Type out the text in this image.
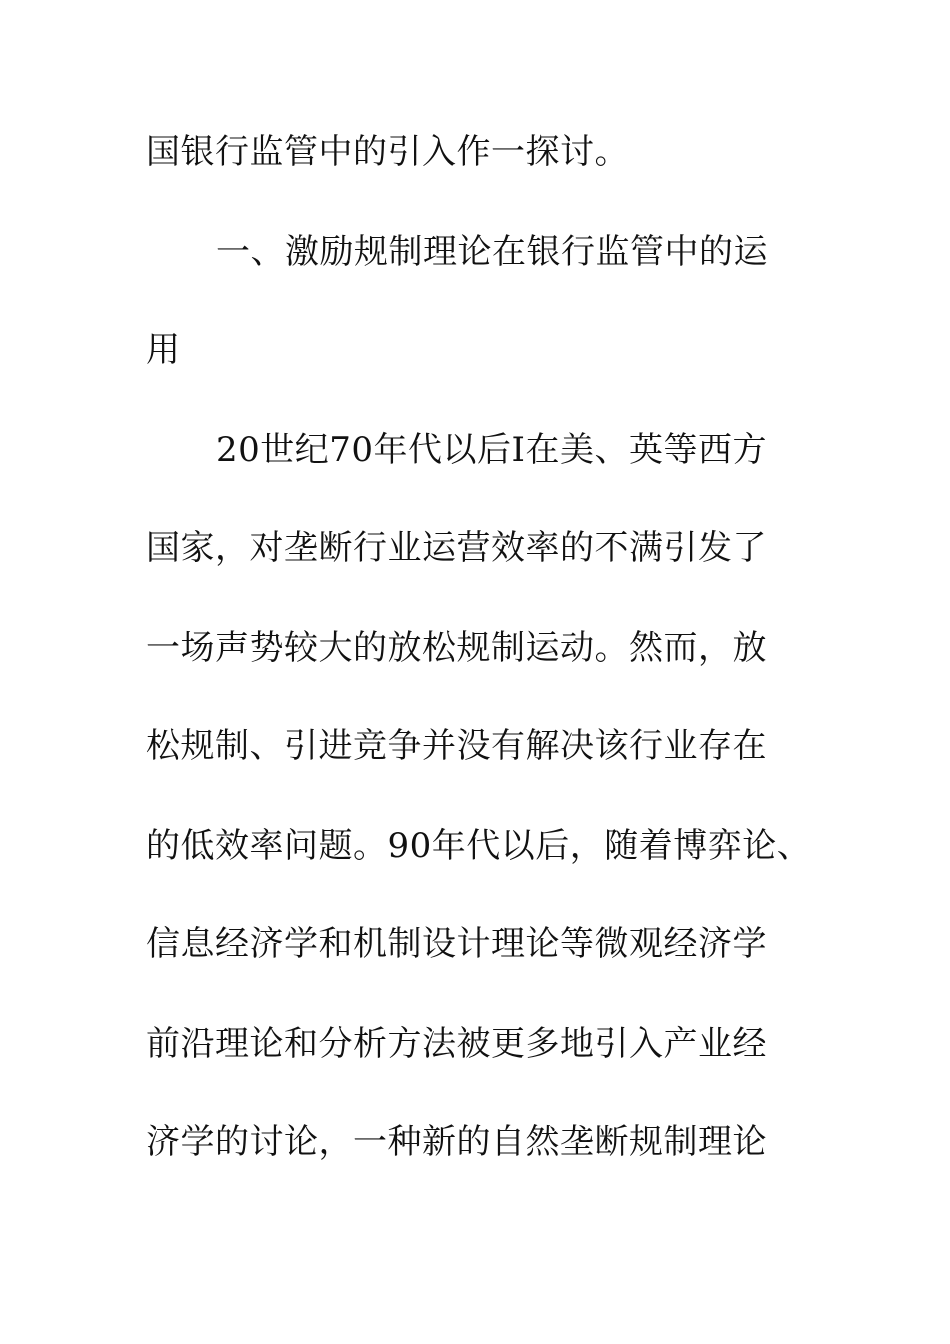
国银行监管中的引入作一探讨。
一、激励规制理论在银行监管中的运
用
20世纪70年代以后Ⅰ在美、英等西方
国家，对垄断行业运营效率的不满引发了
一场声势较大的放松规制运动。然而，放
松规制、引进竞争并没有解决该行业存在
的低效率问题。90年代以后，随着博弈论、
信息经济学和机制设计理论等微观经济学
前沿理论和分析方法被更多地引入产业经
济学的讨论，一种新的自然垄断规制理论
